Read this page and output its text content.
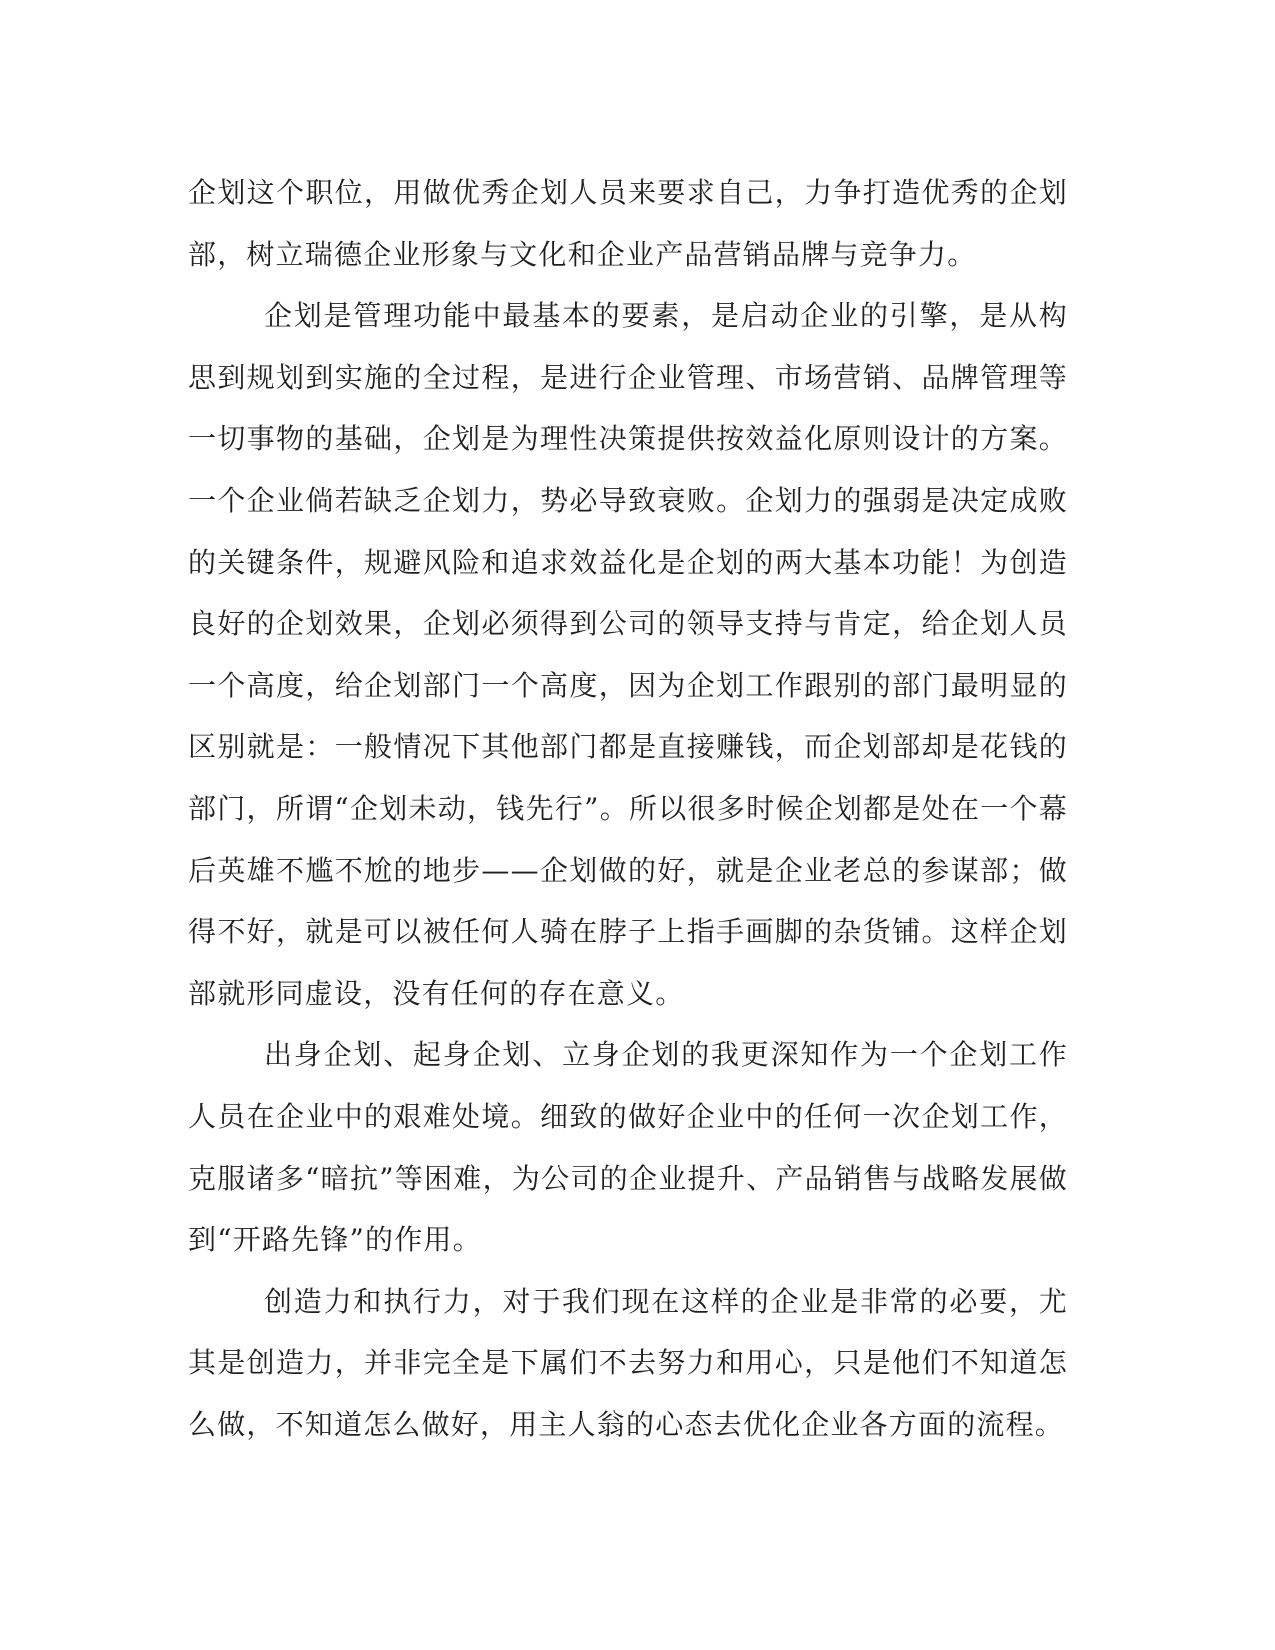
企划这个职位，用做优秀企划人员来要求自己，力争打造优秀的企划部，树立瑞德企业形象与文化和企业产品营销品牌与竞争力。

企划是管理功能中最基本的要素，是启动企业的引擎，是从构思到规划到实施的全过程，是进行企业管理、市场营销、品牌管理等一切事物的基础，企划是为理性决策提供按效益化原则设计的方案。一个企业倘若缺乏企划力，势必导致衰败。企划力的强弱是决定成败的关键条件，规避风险和追求效益化是企划的两大基本功能！为创造良好的企划效果，企划必须得到公司的领导支持与肯定，给企划人员一个高度，给企划部门一个高度，因为企划工作跟别的部门最明显的区别就是：一般情况下其他部门都是直接赚钱，而企划部却是花钱的部门，所谓“企划未动，钱先行”。所以很多时候企划都是处在一个幕后英雄不尴不尬的地步——企划做的好，就是企业老总的参谋部；做得不好，就是可以被任何人骑在脖子上指手画脚的杂货铺。这样企划部就形同虚设，没有任何的存在意义。

出身企划、起身企划、立身企划的我更深知作为一个企划工作人员在企业中的艰难处境。细致的做好企业中的任何一次企划工作，克服诸多“暗抗”等困难，为公司的企业提升、产品销售与战略发展做到“开路先锋”的作用。

创造力和执行力，对于我们现在这样的企业是非常的必要，尤其是创造力，并非完全是下属们不去努力和用心，只是他们不知道怎么做，不知道怎么做好，用主人翁的心态去优化企业各方面的流程。
